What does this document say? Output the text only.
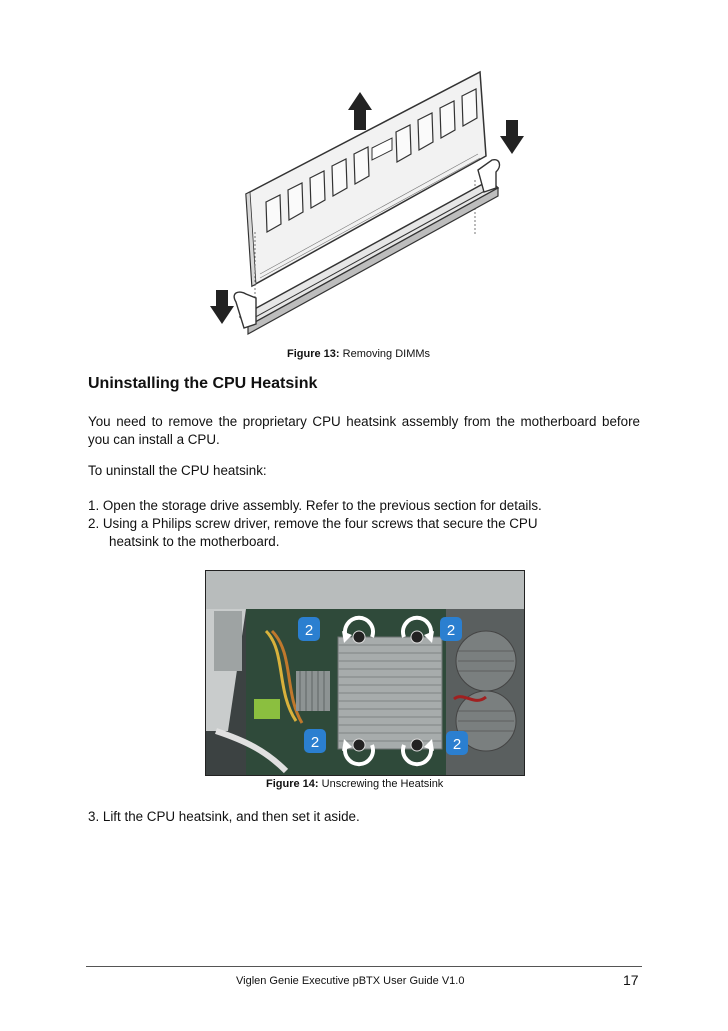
Figure 13: Removing DIMMs
Uninstalling the CPU Heatsink
You need to remove the proprietary CPU heatsink assembly from the motherboard before you can install a CPU.
To uninstall the CPU heatsink:
1. Open the storage drive assembly. Refer to the previous section for details.
2. Using a Philips screw driver, remove the four screws that secure the CPU
heatsink to the motherboard.
2	2
2	2
Figure 14: Unscrewing the Heatsink
3. Lift the CPU heatsink, and then set it aside.
Viglen Genie Executive pBTX User Guide V1.0	17
